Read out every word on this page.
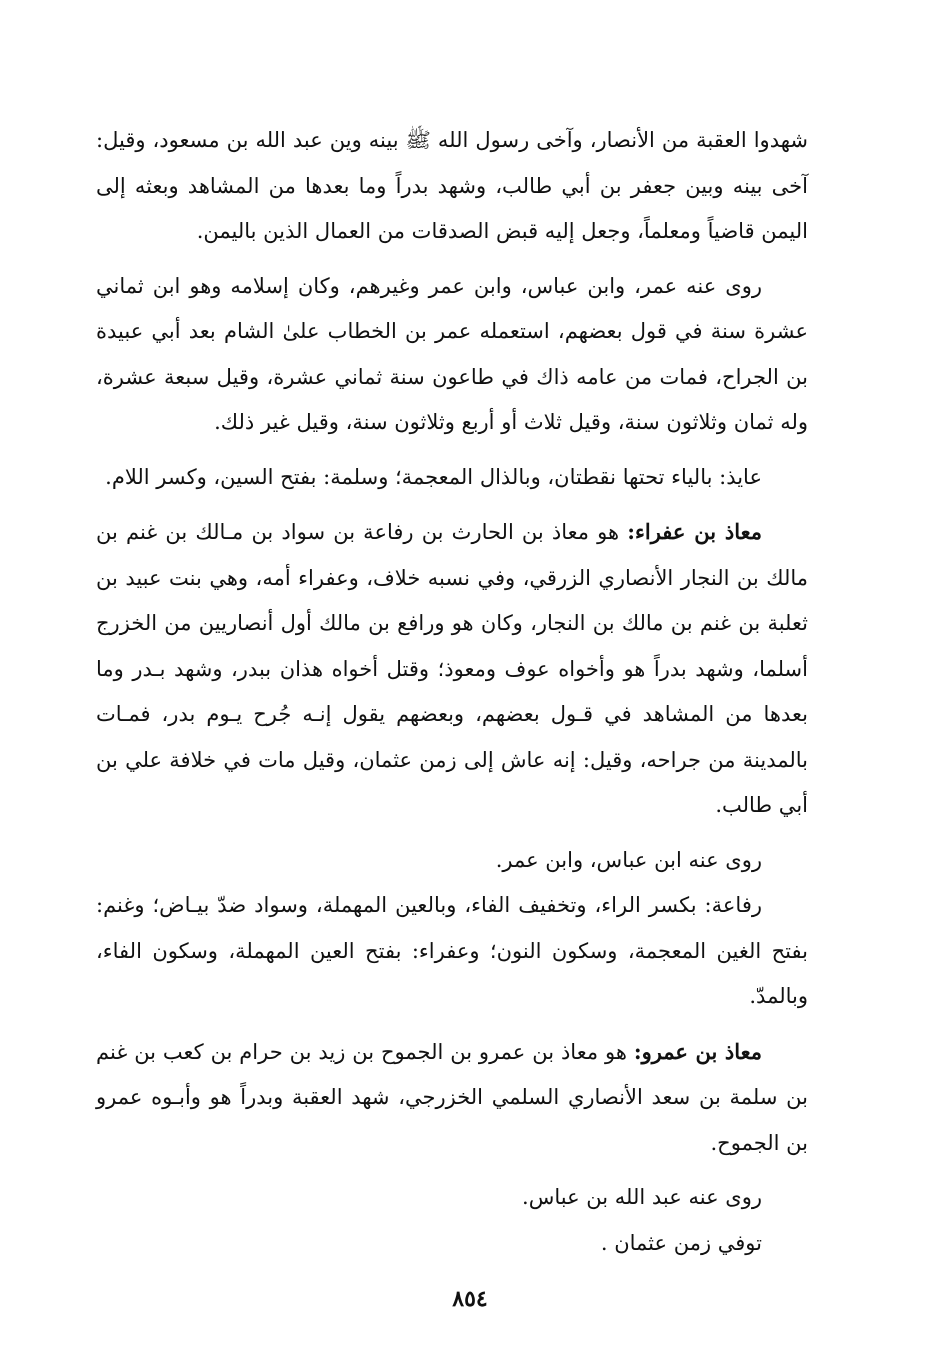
شهدوا العقبة من الأنصار، وآخى رسول الله ﷺ بينه وين عبد الله بن مسعود، وقيل: آخى بينه وبين جعفر بن أبي طالب، وشهد بدراً وما بعدها من المشاهد وبعثه إلى اليمن قاضياً ومعلماً، وجعل إليه قبض الصدقات من العمال الذين باليمن.

روى عنه عمر، وابن عباس، وابن عمر وغيرهم، وكان إسلامه وهو ابن ثماني عشرة سنة في قول بعضهم، استعمله عمر بن الخطاب علىٰ الشام بعد أبي عبيدة بن الجراح، فمات من عامه ذاك في طاعون سنة ثماني عشرة، وقيل سبعة عشرة، وله ثمان وثلاثون سنة، وقيل ثلاث أو أربع وثلاثون سنة، وقيل غير ذلك.

عايذ: بالياء تحتها نقطتان، وبالذال المعجمة؛ وسلمة: بفتح السين، وكسر اللام.

معاذ بن عفراء: هو معاذ بن الحارث بن رفاعة بن سواد بن مـالك بن غنم بن مالك بن النجار الأنصاري الزرقي، وفي نسبه خلاف، وعفراء أمه، وهي بنت عبيد بن ثعلبة بن غنم بن مالك بن النجار، وكان هو ورافع بن مالك أول أنصاريين من الخزرج أسلما، وشهد بدراً هو وأخواه عوف ومعوذ؛ وقتل أخواه هذان ببدر، وشهد بـدر وما بعدها من المشاهد في قـول بعضهم، وبعضهم يقول إنـه جُرح يـوم بدر، فمـات بالمدينة من جراحه، وقيل: إنه عاش إلى زمن عثمان، وقيل مات في خلافة علي بن أبي طالب.

روى عنه ابن عباس، وابن عمر.

رفاعة: بكسر الراء، وتخفيف الفاء، وبالعين المهملة، وسواد ضدّ بيـاض؛ وغنم: بفتح الغين المعجمة، وسكون النون؛ وعفراء: بفتح العين المهملة، وسكون الفاء، وبالمدّ.

معاذ بن عمرو: هو معاذ بن عمرو بن الجموح بن زيد بن حرام بن كعب بن غنم بن سلمة بن سعد الأنصاري السلمي الخزرجي، شهد العقبة وبدراً هو وأبـوه عمرو بن الجموح.

روى عنه عبد الله بن عباس.

توفي زمن عثمان .

٨٥٤
